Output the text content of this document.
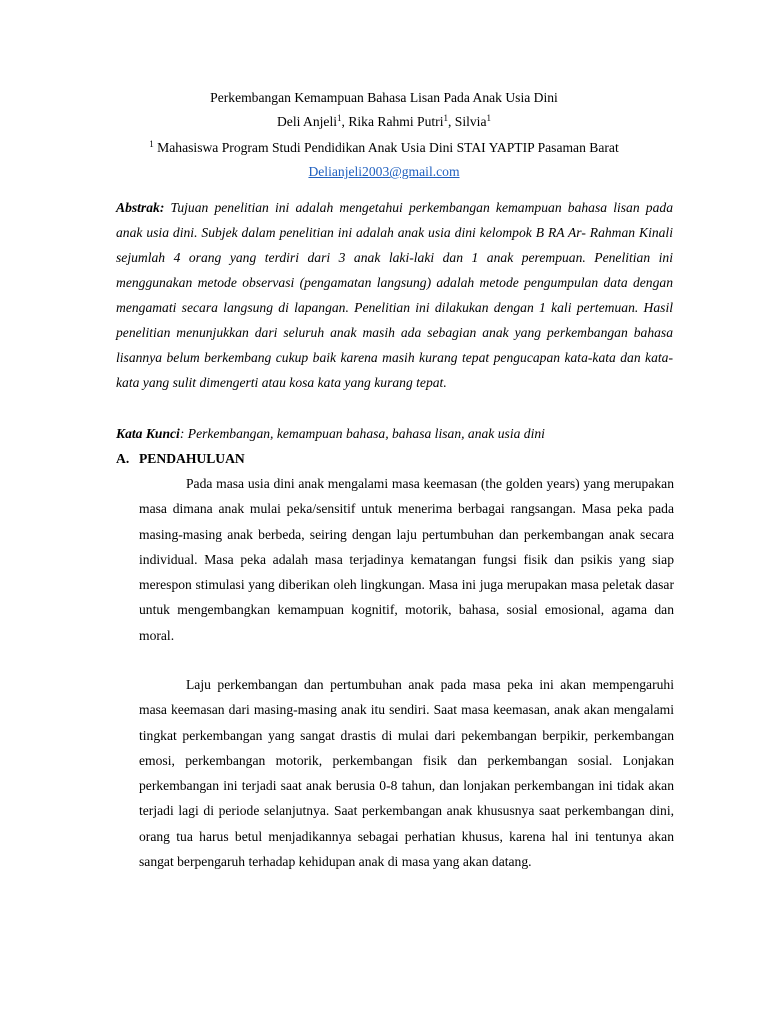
Perkembangan Kemampuan Bahasa Lisan Pada Anak Usia Dini
Deli Anjeli$^1$, Rika Rahmi Putri$^1$, Silvia$^1$
$^1$ Mahasiswa Program Studi Pendidikan Anak Usia Dini STAI YAPTIP Pasaman Barat
Delianjeli2003@gmail.com
Abstrak: Tujuan penelitian ini adalah mengetahui perkembangan kemampuan bahasa lisan pada anak usia dini. Subjek dalam penelitian ini adalah anak usia dini kelompok B RA Ar- Rahman Kinali sejumlah 4 orang yang terdiri dari 3 anak laki-laki dan 1 anak perempuan. Penelitian ini menggunakan metode observasi (pengamatan langsung) adalah metode pengumpulan data dengan mengamati secara langsung di lapangan. Penelitian ini dilakukan dengan 1 kali pertemuan. Hasil penelitian menunjukkan dari seluruh anak masih ada sebagian anak yang perkembangan bahasa lisannya belum berkembang cukup baik karena masih kurang tepat pengucapan kata-kata dan kata-kata yang sulit dimengerti atau kosa kata yang kurang tepat.
Kata Kunci: Perkembangan, kemampuan bahasa, bahasa lisan, anak usia dini
A. PENDAHULUAN
Pada masa usia dini anak mengalami masa keemasan (the golden years) yang merupakan masa dimana anak mulai peka/sensitif untuk menerima berbagai rangsangan. Masa peka pada masing-masing anak berbeda, seiring dengan laju pertumbuhan dan perkembangan anak secara individual. Masa peka adalah masa terjadinya kematangan fungsi fisik dan psikis yang siap merespon stimulasi yang diberikan oleh lingkungan. Masa ini juga merupakan masa peletak dasar untuk mengembangkan kemampuan kognitif, motorik, bahasa, sosial emosional, agama dan moral.
Laju perkembangan dan pertumbuhan anak pada masa peka ini akan mempengaruhi masa keemasan dari masing-masing anak itu sendiri. Saat masa keemasan, anak akan mengalami tingkat perkembangan yang sangat drastis di mulai dari pekembangan berpikir, perkembangan emosi, perkembangan motorik, perkembangan fisik dan perkembangan sosial. Lonjakan perkembangan ini terjadi saat anak berusia 0-8 tahun, dan lonjakan perkembangan ini tidak akan terjadi lagi di periode selanjutnya. Saat perkembangan anak khususnya saat perkembangan dini, orang tua harus betul menjadikannya sebagai perhatian khusus, karena hal ini tentunya akan sangat berpengaruh terhadap kehidupan anak di masa yang akan datang.
